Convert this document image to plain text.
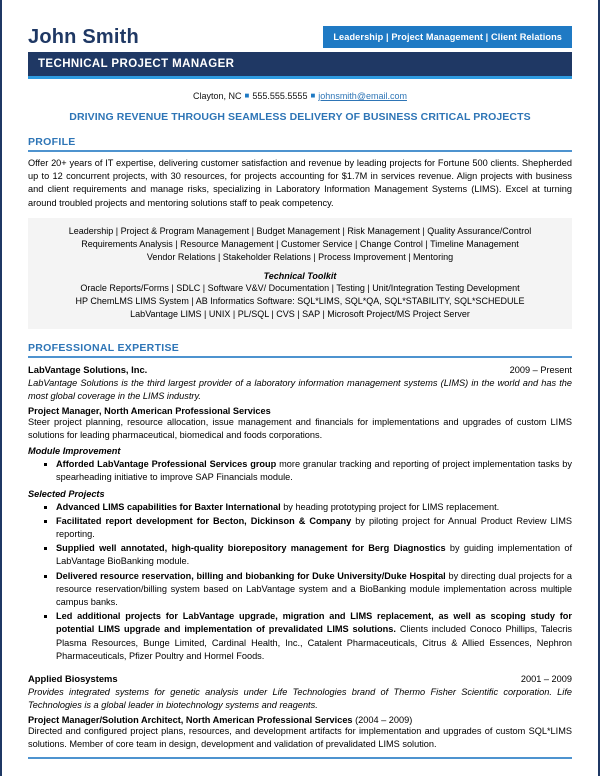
John Smith	Leadership | Project Management | Client Relations
TECHNICAL PROJECT MANAGER
Clayton, NC ■ 555.555.5555 ■ johnsmith@email.com
DRIVING REVENUE THROUGH SEAMLESS DELIVERY OF BUSINESS CRITICAL PROJECTS
PROFILE

Offer 20+ years of IT expertise, delivering customer satisfaction and revenue by leading projects for Fortune 500 clients. Shepherded up to 12 concurrent projects, with 30 resources, for projects accounting for $1.7M in services revenue. Align projects with business and client requirements and manage risks, specializing in Laboratory Information Management Systems (LIMS). Excel at turning around troubled projects and mentoring solutions staff to peak competency.

Leadership | Project & Program Management | Budget Management | Risk Management | Quality Assurance/Control
Requirements Analysis | Resource Management | Customer Service | Change Control | Timeline Management
Vendor Relations | Stakeholder Relations | Process Improvement | Mentoring
Technical Toolkit
Oracle Reports/Forms | SDLC | Software V&V/ Documentation | Testing | Unit/Integration Testing Development
HP ChemLMS LIMS System | AB Informatics Software: SQL*LIMS, SQL*QA, SQL*STABILITY, SQL*SCHEDULE
LabVantage LIMS | UNIX | PL/SQL | CVS | SAP | Microsoft Project/MS Project Server
PROFESSIONAL EXPERTISE
LabVantage Solutions, Inc.	2009 – Present
LabVantage Solutions is the third largest provider of a laboratory information management systems (LIMS) in the world and has the most global coverage in the LIMS industry.
Project Manager, North American Professional Services

Steer project planning, resource allocation, issue management and financials for implementations and upgrades of custom LIMS solutions for leading pharmaceutical, biomedical and foods corporations.

Module Improvement
Afforded LabVantage Professional Services group more granular tracking and reporting of project implementation tasks by spearheading initiative to improve SAP Financials module.
Selected Projects
Advanced LIMS capabilities for Baxter International by heading prototyping project for LIMS replacement.
Facilitated report development for Becton, Dickinson & Company by piloting project for Annual Product Review LIMS reporting.
Supplied well annotated, high-quality biorepository management for Berg Diagnostics by guiding implementation of LabVantage BioBanking module.
Delivered resource reservation, billing and biobanking for Duke University/Duke Hospital by directing dual projects for a resource reservation/billing system based on LabVantage system and a BioBanking module implementation across multiple campus banks.
Led additional projects for LabVantage upgrade, migration and LIMS replacement, as well as scoping study for potential LIMS upgrade and implementation of prevalidated LIMS solutions. Clients included Conoco Phillips, Talecris Plasma Resources, Bunge Limited, Cardinal Health, Inc., Catalent Pharmaceuticals, Citrus & Allied Essences, Nephron Pharmaceuticals, Pfizer Poultry and Hormel Foods.
Applied Biosystems	2001 – 2009
Provides integrated systems for genetic analysis under Life Technologies brand of Thermo Fisher Scientific corporation. Life Technologies is a global leader in biotechnology systems and reagents.
Project Manager/Solution Architect, North American Professional Services (2004 – 2009)

Directed and configured project plans, resources, and development artifacts for implementation and upgrades of custom SQL*LIMS solutions. Member of core team in design, development and validation of prevalidated LIMS solution.
